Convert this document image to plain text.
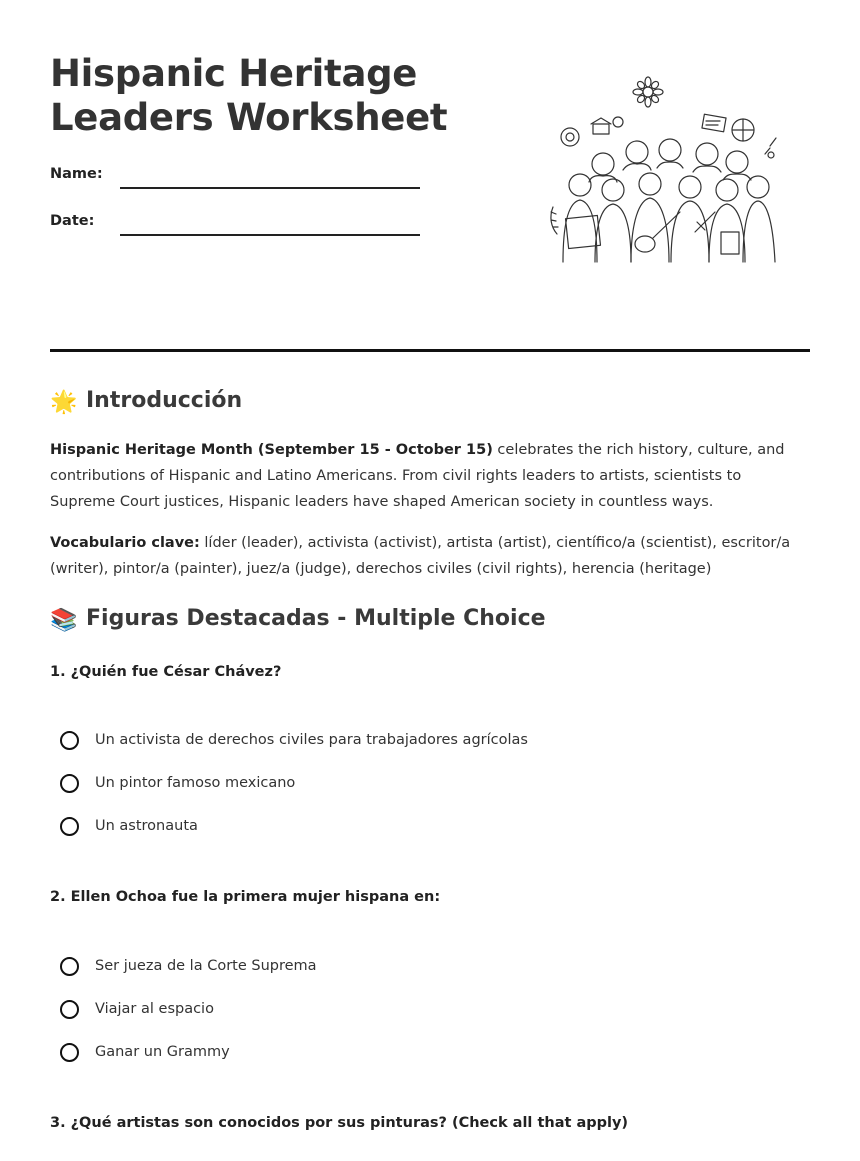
Hispanic Heritage
Leaders Worksheet
Name:
Date:
🌟 Introducción

Hispanic Heritage Month (September 15 - October 15) celebrates the rich history, culture, and contributions of Hispanic and Latino Americans. From civil rights leaders to artists, scientists to Supreme Court justices, Hispanic leaders have shaped American society in countless ways.

Vocabulario clave: líder (leader), activista (activist), artista (artist), científico/a (scientist), escritor/a (writer), pintor/a (painter), juez/a (judge), derechos civiles (civil rights), herencia (heritage)

📚 Figuras Destacadas - Multiple Choice

1. ¿Quién fue César Chávez?

Un activista de derechos civiles para trabajadores agrícolas
Un pintor famoso mexicano
Un astronauta

2. Ellen Ochoa fue la primera mujer hispana en:

Ser jueza de la Corte Suprema
Viajar al espacio
Ganar un Grammy

3. ¿Qué artistas son conocidos por sus pinturas? (Check all that apply)
